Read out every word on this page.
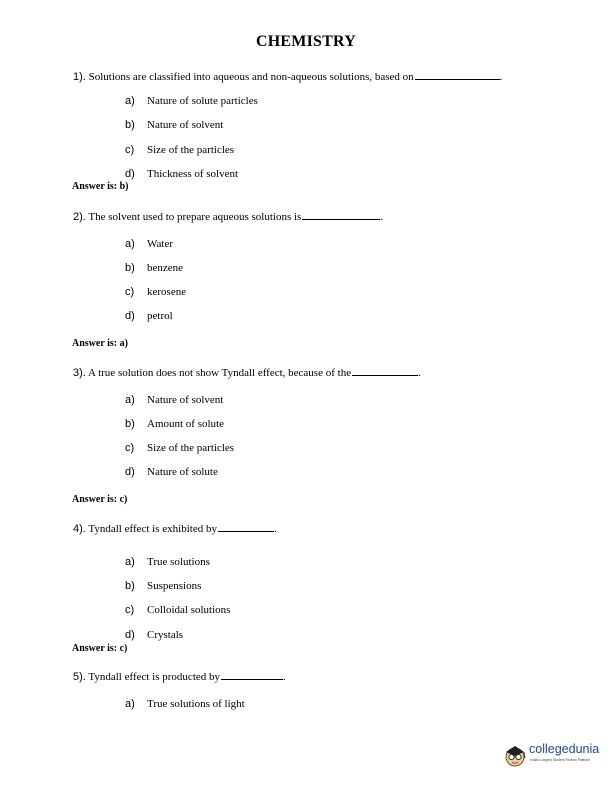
CHEMISTRY
1). Solutions are classified into aqueous and non-aqueous solutions, based on	.
a) Nature of solute particles
b) Nature of solvent
c) Size of the particles
d) Thickness of solvent
Answer is: b)
2). The solvent used to prepare aqueous solutions is	.
a) Water
b) benzene
c) kerosene
d) petrol
Answer is: a)
3). A true solution does not show Tyndall effect, because of the	.
a) Nature of solvent
b) Amount of solute
c) Size of the particles
d) Nature of solute
Answer is: c)
4). Tyndall effect is exhibited by	.
a) True solutions
b) Suspensions
c) Colloidal solutions
d) Crystals
Answer is: c)
5). Tyndall effect is producted by	.
a) True solutions of light
collegedunia
India's Largest Student Review Platform
